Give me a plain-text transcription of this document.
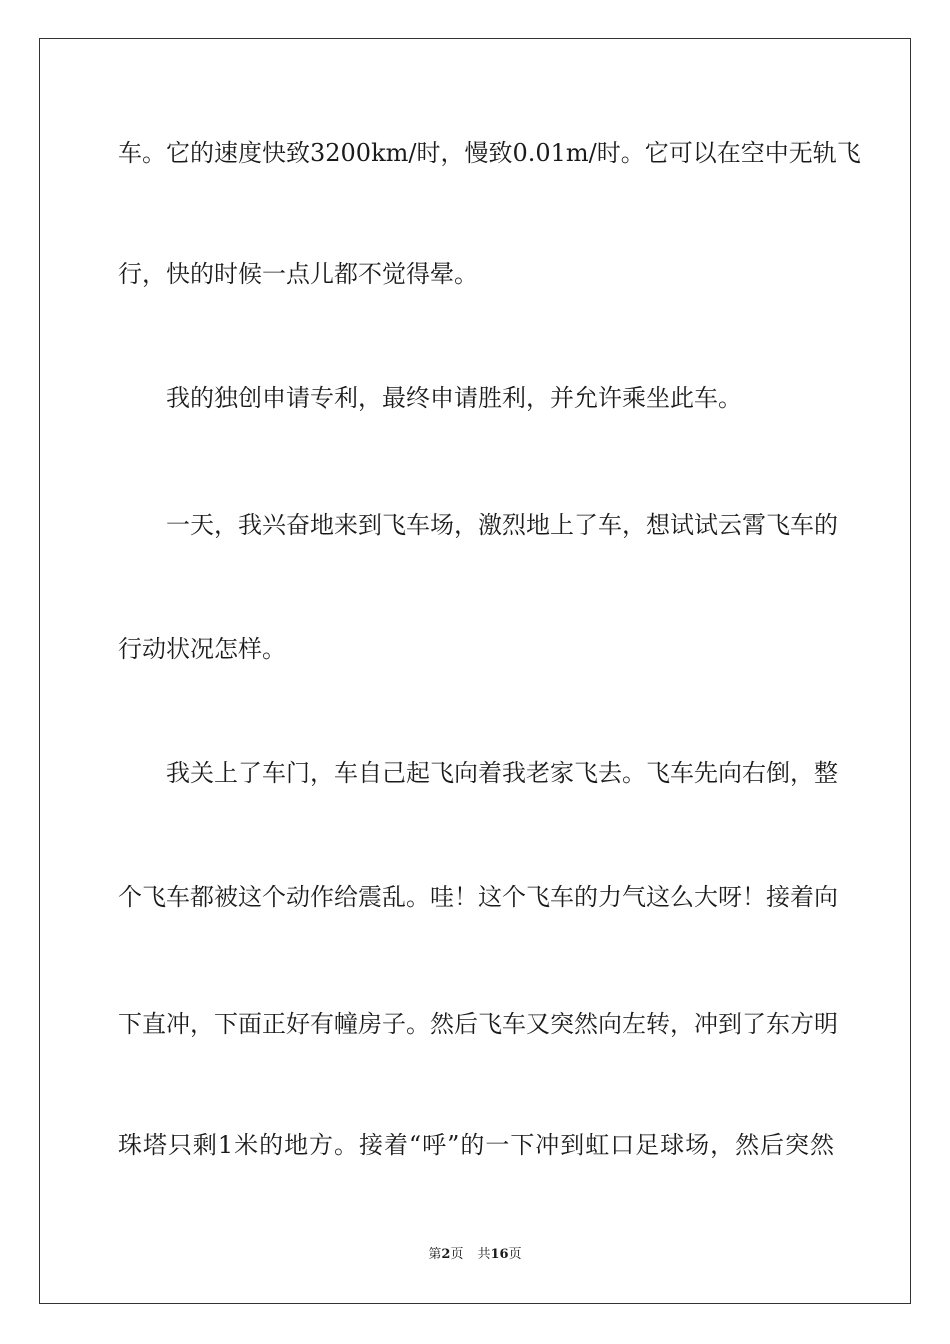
车。它的速度快致3200km/时，慢致0.01m/时。它可以在空中无轨飞
行，快的时候一点儿都不觉得晕。
　　我的独创申请专利，最终申请胜利，并允许乘坐此车。
　　一天，我兴奋地来到飞车场，激烈地上了车，想试试云霄飞车的
行动状况怎样。
　　我关上了车门，车自己起飞向着我老家飞去。飞车先向右倒，整
个飞车都被这个动作给震乱。哇！这个飞车的力气这么大呀！接着向
下直冲，下面正好有幢房子。然后飞车又突然向左转，冲到了东方明
珠塔只剩1米的地方。接着“呼”的一下冲到虹口足球场，然后突然
第2页 共16页
